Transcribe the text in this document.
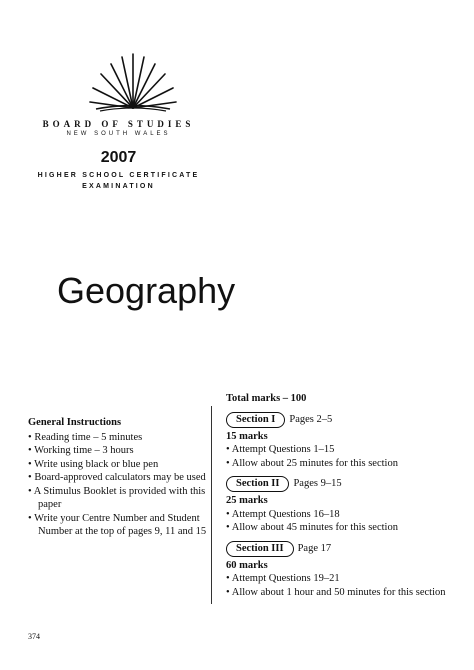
BOARD OF STUDIES
NEW SOUTH WALES
2007
HIGHER SCHOOL CERTIFICATE
EXAMINATION
Geography
General Instructions
• Reading time – 5 minutes
• Working time – 3 hours
• Write using black or blue pen
• Board-approved calculators may be used
• A Stimulus Booklet is provided with this paper
• Write your Centre Number and Student Number at the top of pages 9, 11 and 15
Total marks – 100
Section I	Pages 2–5
15 marks
• Attempt Questions 1–15
• Allow about 25 minutes for this section
Section II	Pages 9–15
25 marks
• Attempt Questions 16–18
• Allow about 45 minutes for this section
Section III	Page 17
60 marks
• Attempt Questions 19–21
• Allow about 1 hour and 50 minutes for this section
374
